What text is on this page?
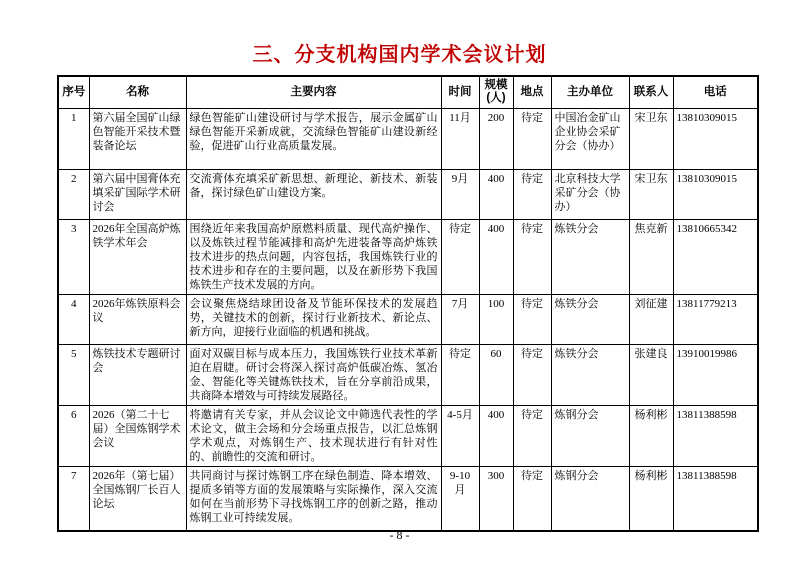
三、分支机构国内学术会议计划
序号	名称	主要内容	时间	规模(人)	地点	主办单位	联系人	电话
1	第六届全国矿山绿色智能开采技术暨装备论坛	绿色智能矿山建设研讨与学术报告，展示金属矿山绿色智能开采新成就，交流绿色智能矿山建设新经验，促进矿山行业高质量发展。	11月	200	待定	中国冶金矿山企业协会采矿分会（协办）	宋卫东	13810309015
2	第六届中国膏体充填采矿国际学术研讨会	交流膏体充填采矿新思想、新理论、新技术、新装备，探讨绿色矿山建设方案。	9月	400	待定	北京科技大学采矿分会（协办）	宋卫东	13810309015
3	2026年全国高炉炼铁学术年会	围绕近年来我国高炉原燃料质量、现代高炉操作、以及炼铁过程节能减排和高炉先进装备等高炉炼铁技术进步的热点问题，内容包括，我国炼铁行业的技术进步和存在的主要问题，以及在新形势下我国炼铁生产技术发展的方向。	待定	400	待定	炼铁分会	焦克新	13810665342
4	2026年炼铁原料会议	会议聚焦烧结球团设备及节能环保技术的发展趋势，关键技术的创新，探讨行业新技术、新论点、新方向，迎接行业面临的机遇和挑战。	7月	100	待定	炼铁分会	刘征建	13811779213
5	炼铁技术专题研讨会	面对双碳目标与成本压力，我国炼铁行业技术革新迫在眉睫。研讨会将深入探讨高炉低碳冶炼、氢冶金、智能化等关键炼铁技术，旨在分享前沿成果，共商降本增效与可持续发展路径。	待定	60	待定	炼铁分会	张建良	13910019986
6	2026（第二十七届）全国炼钢学术会议	将邀请有关专家，并从会议论文中筛选代表性的学术论文，做主会场和分会场重点报告，以汇总炼钢学术观点，对炼钢生产、技术现状进行有针对性的、前瞻性的交流和研讨。	4-5月	400	待定	炼钢分会	杨利彬	13811388598
7	2026年（第七届）全国炼钢厂长百人论坛	共同商讨与探讨炼钢工序在绿色制造、降本增效、提质多销等方面的发展策略与实际操作，深入交流如何在当前形势下寻找炼钢工序的创新之路，推动炼钢工业可持续发展。	9-10月	300	待定	炼钢分会	杨利彬	13811388598
- 8 -
